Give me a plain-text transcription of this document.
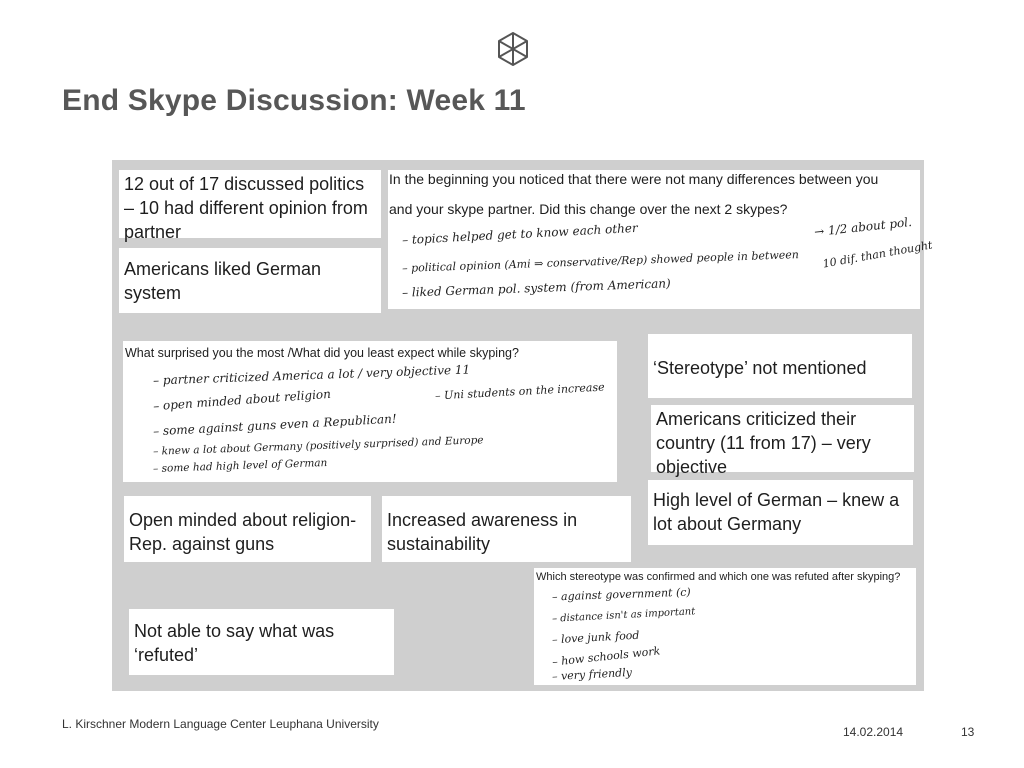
End Skype Discussion: Week 11
12 out of 17 discussed politics – 10 had different opinion from partner
Americans liked German system
In the beginning you noticed that there were not many differences between you
and your skype partner. Did this change over the next 2 skypes?
– topics helped get to know each other
– political opinion (Ami ⇒ conservative/Rep) showed people in between
– liked German pol. system (from American)
→ 1/2 about pol.
10 dif. than thought
What surprised you the most /What did you least expect while skyping?
– partner criticized America a lot / very objective 11
– open minded about religion
– some against guns even a Republican!
– knew a lot about Germany (positively surprised) and Europe
– some had high level of German
– Uni students on the increase
‘Stereotype’ not mentioned
Americans criticized their country (11 from 17) – very objective
High level of German – knew a lot about Germany
Open minded about religion- Rep. against guns
Increased awareness in sustainability
Which stereotype was confirmed and which one was refuted after skyping?
– against government (c)
– distance isn't as important
– love junk food
– how schools work
– very friendly
Not able to say what was ‘refuted’
L. Kirschner Modern Language Center Leuphana University
14.02.2014	13
